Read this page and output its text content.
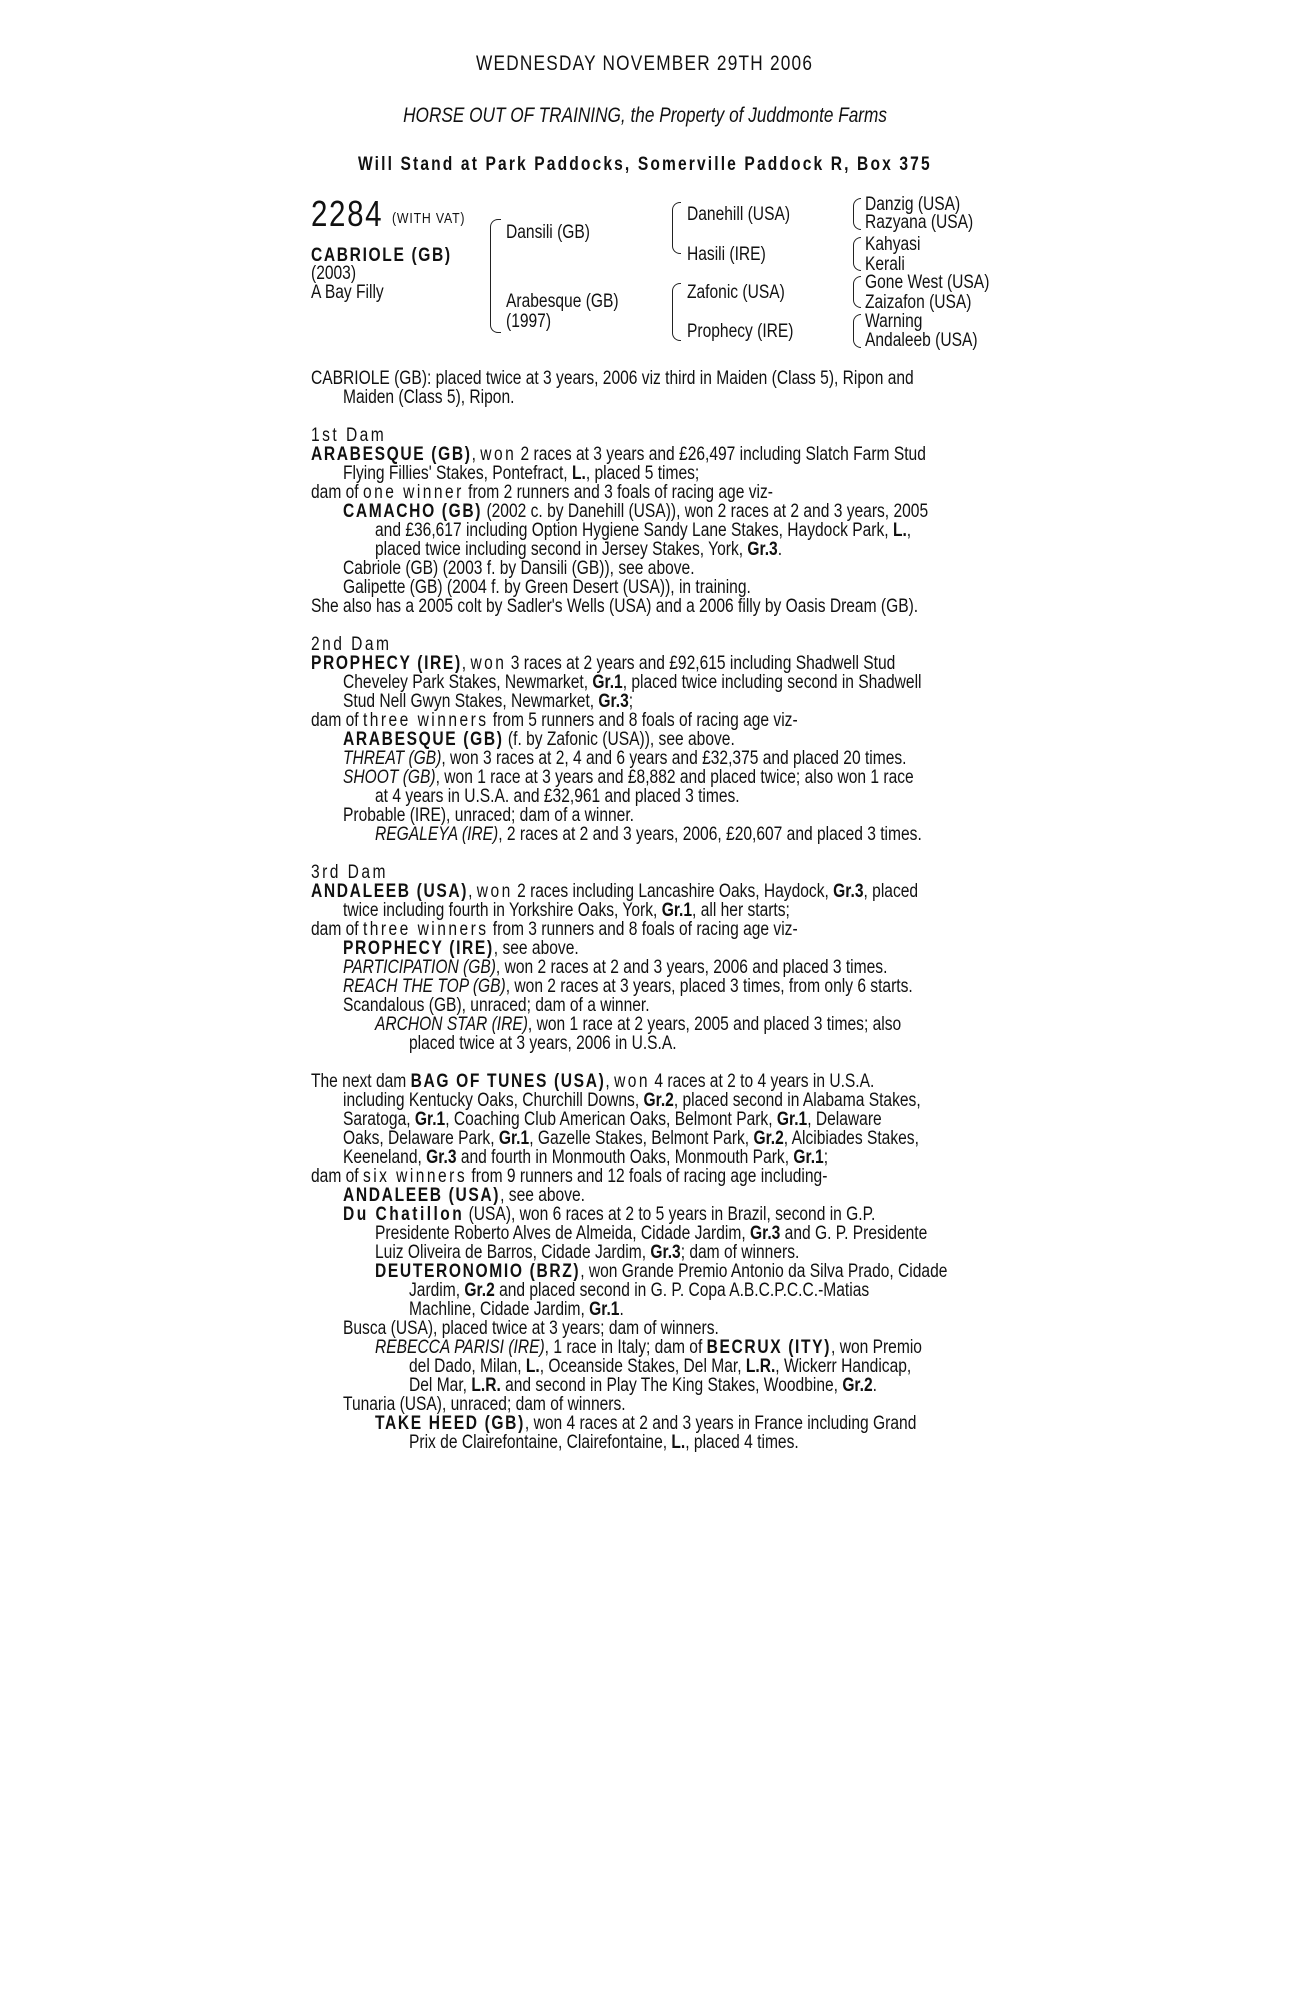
WEDNESDAY NOVEMBER 29TH 2006
HORSE OUT OF TRAINING, the Property of Juddmonte Farms
Will Stand at Park Paddocks, Somerville Paddock R, Box 375
2284 (WITH VAT)
CABRIOLE (GB)
(2003)
A Bay Filly
Dansili (GB)
Arabesque (GB)
(1997)
Danehill (USA)
Hasili (IRE)
Zafonic (USA)
Prophecy (IRE)
Danzig (USA)
Razyana (USA)
Kahyasi
Kerali
Gone West (USA)
Zaizafon (USA)
Warning
Andaleeb (USA)
CABRIOLE (GB): placed twice at 3 years, 2006 viz third in Maiden (Class 5), Ripon and
Maiden (Class 5), Ripon.
1st Dam
ARABESQUE (GB), won 2 races at 3 years and £26,497 including Slatch Farm Stud
Flying Fillies' Stakes, Pontefract, L., placed 5 times;
dam of one winner from 2 runners and 3 foals of racing age viz-
CAMACHO (GB) (2002 c. by Danehill (USA)), won 2 races at 2 and 3 years, 2005
and £36,617 including Option Hygiene Sandy Lane Stakes, Haydock Park, L.,
placed twice including second in Jersey Stakes, York, Gr.3.
Cabriole (GB) (2003 f. by Dansili (GB)), see above.
Galipette (GB) (2004 f. by Green Desert (USA)), in training.
She also has a 2005 colt by Sadler's Wells (USA) and a 2006 filly by Oasis Dream (GB).
2nd Dam
PROPHECY (IRE), won 3 races at 2 years and £92,615 including Shadwell Stud
Cheveley Park Stakes, Newmarket, Gr.1, placed twice including second in Shadwell
Stud Nell Gwyn Stakes, Newmarket, Gr.3;
dam of three winners from 5 runners and 8 foals of racing age viz-
ARABESQUE (GB) (f. by Zafonic (USA)), see above.
THREAT (GB), won 3 races at 2, 4 and 6 years and £32,375 and placed 20 times.
SHOOT (GB), won 1 race at 3 years and £8,882 and placed twice; also won 1 race
at 4 years in U.S.A. and £32,961 and placed 3 times.
Probable (IRE), unraced; dam of a winner.
REGALEYA (IRE), 2 races at 2 and 3 years, 2006, £20,607 and placed 3 times.
3rd Dam
ANDALEEB (USA), won 2 races including Lancashire Oaks, Haydock, Gr.3, placed
twice including fourth in Yorkshire Oaks, York, Gr.1, all her starts;
dam of three winners from 3 runners and 8 foals of racing age viz-
PROPHECY (IRE), see above.
PARTICIPATION (GB), won 2 races at 2 and 3 years, 2006 and placed 3 times.
REACH THE TOP (GB), won 2 races at 3 years, placed 3 times, from only 6 starts.
Scandalous (GB), unraced; dam of a winner.
ARCHON STAR (IRE), won 1 race at 2 years, 2005 and placed 3 times; also
placed twice at 3 years, 2006 in U.S.A.
The next dam BAG OF TUNES (USA), won 4 races at 2 to 4 years in U.S.A.
including Kentucky Oaks, Churchill Downs, Gr.2, placed second in Alabama Stakes,
Saratoga, Gr.1, Coaching Club American Oaks, Belmont Park, Gr.1, Delaware
Oaks, Delaware Park, Gr.1, Gazelle Stakes, Belmont Park, Gr.2, Alcibiades Stakes,
Keeneland, Gr.3 and fourth in Monmouth Oaks, Monmouth Park, Gr.1;
dam of six winners from 9 runners and 12 foals of racing age including-
ANDALEEB (USA), see above.
Du Chatillon (USA), won 6 races at 2 to 5 years in Brazil, second in G.P.
Presidente Roberto Alves de Almeida, Cidade Jardim, Gr.3 and G. P. Presidente
Luiz Oliveira de Barros, Cidade Jardim, Gr.3; dam of winners.
DEUTERONOMIO (BRZ), won Grande Premio Antonio da Silva Prado, Cidade
Jardim, Gr.2 and placed second in G. P. Copa A.B.C.P.C.C.-Matias
Machline, Cidade Jardim, Gr.1.
Busca (USA), placed twice at 3 years; dam of winners.
REBECCA PARISI (IRE), 1 race in Italy; dam of BECRUX (ITY), won Premio
del Dado, Milan, L., Oceanside Stakes, Del Mar, L.R., Wickerr Handicap,
Del Mar, L.R. and second in Play The King Stakes, Woodbine, Gr.2.
Tunaria (USA), unraced; dam of winners.
TAKE HEED (GB), won 4 races at 2 and 3 years in France including Grand
Prix de Clairefontaine, Clairefontaine, L., placed 4 times.
